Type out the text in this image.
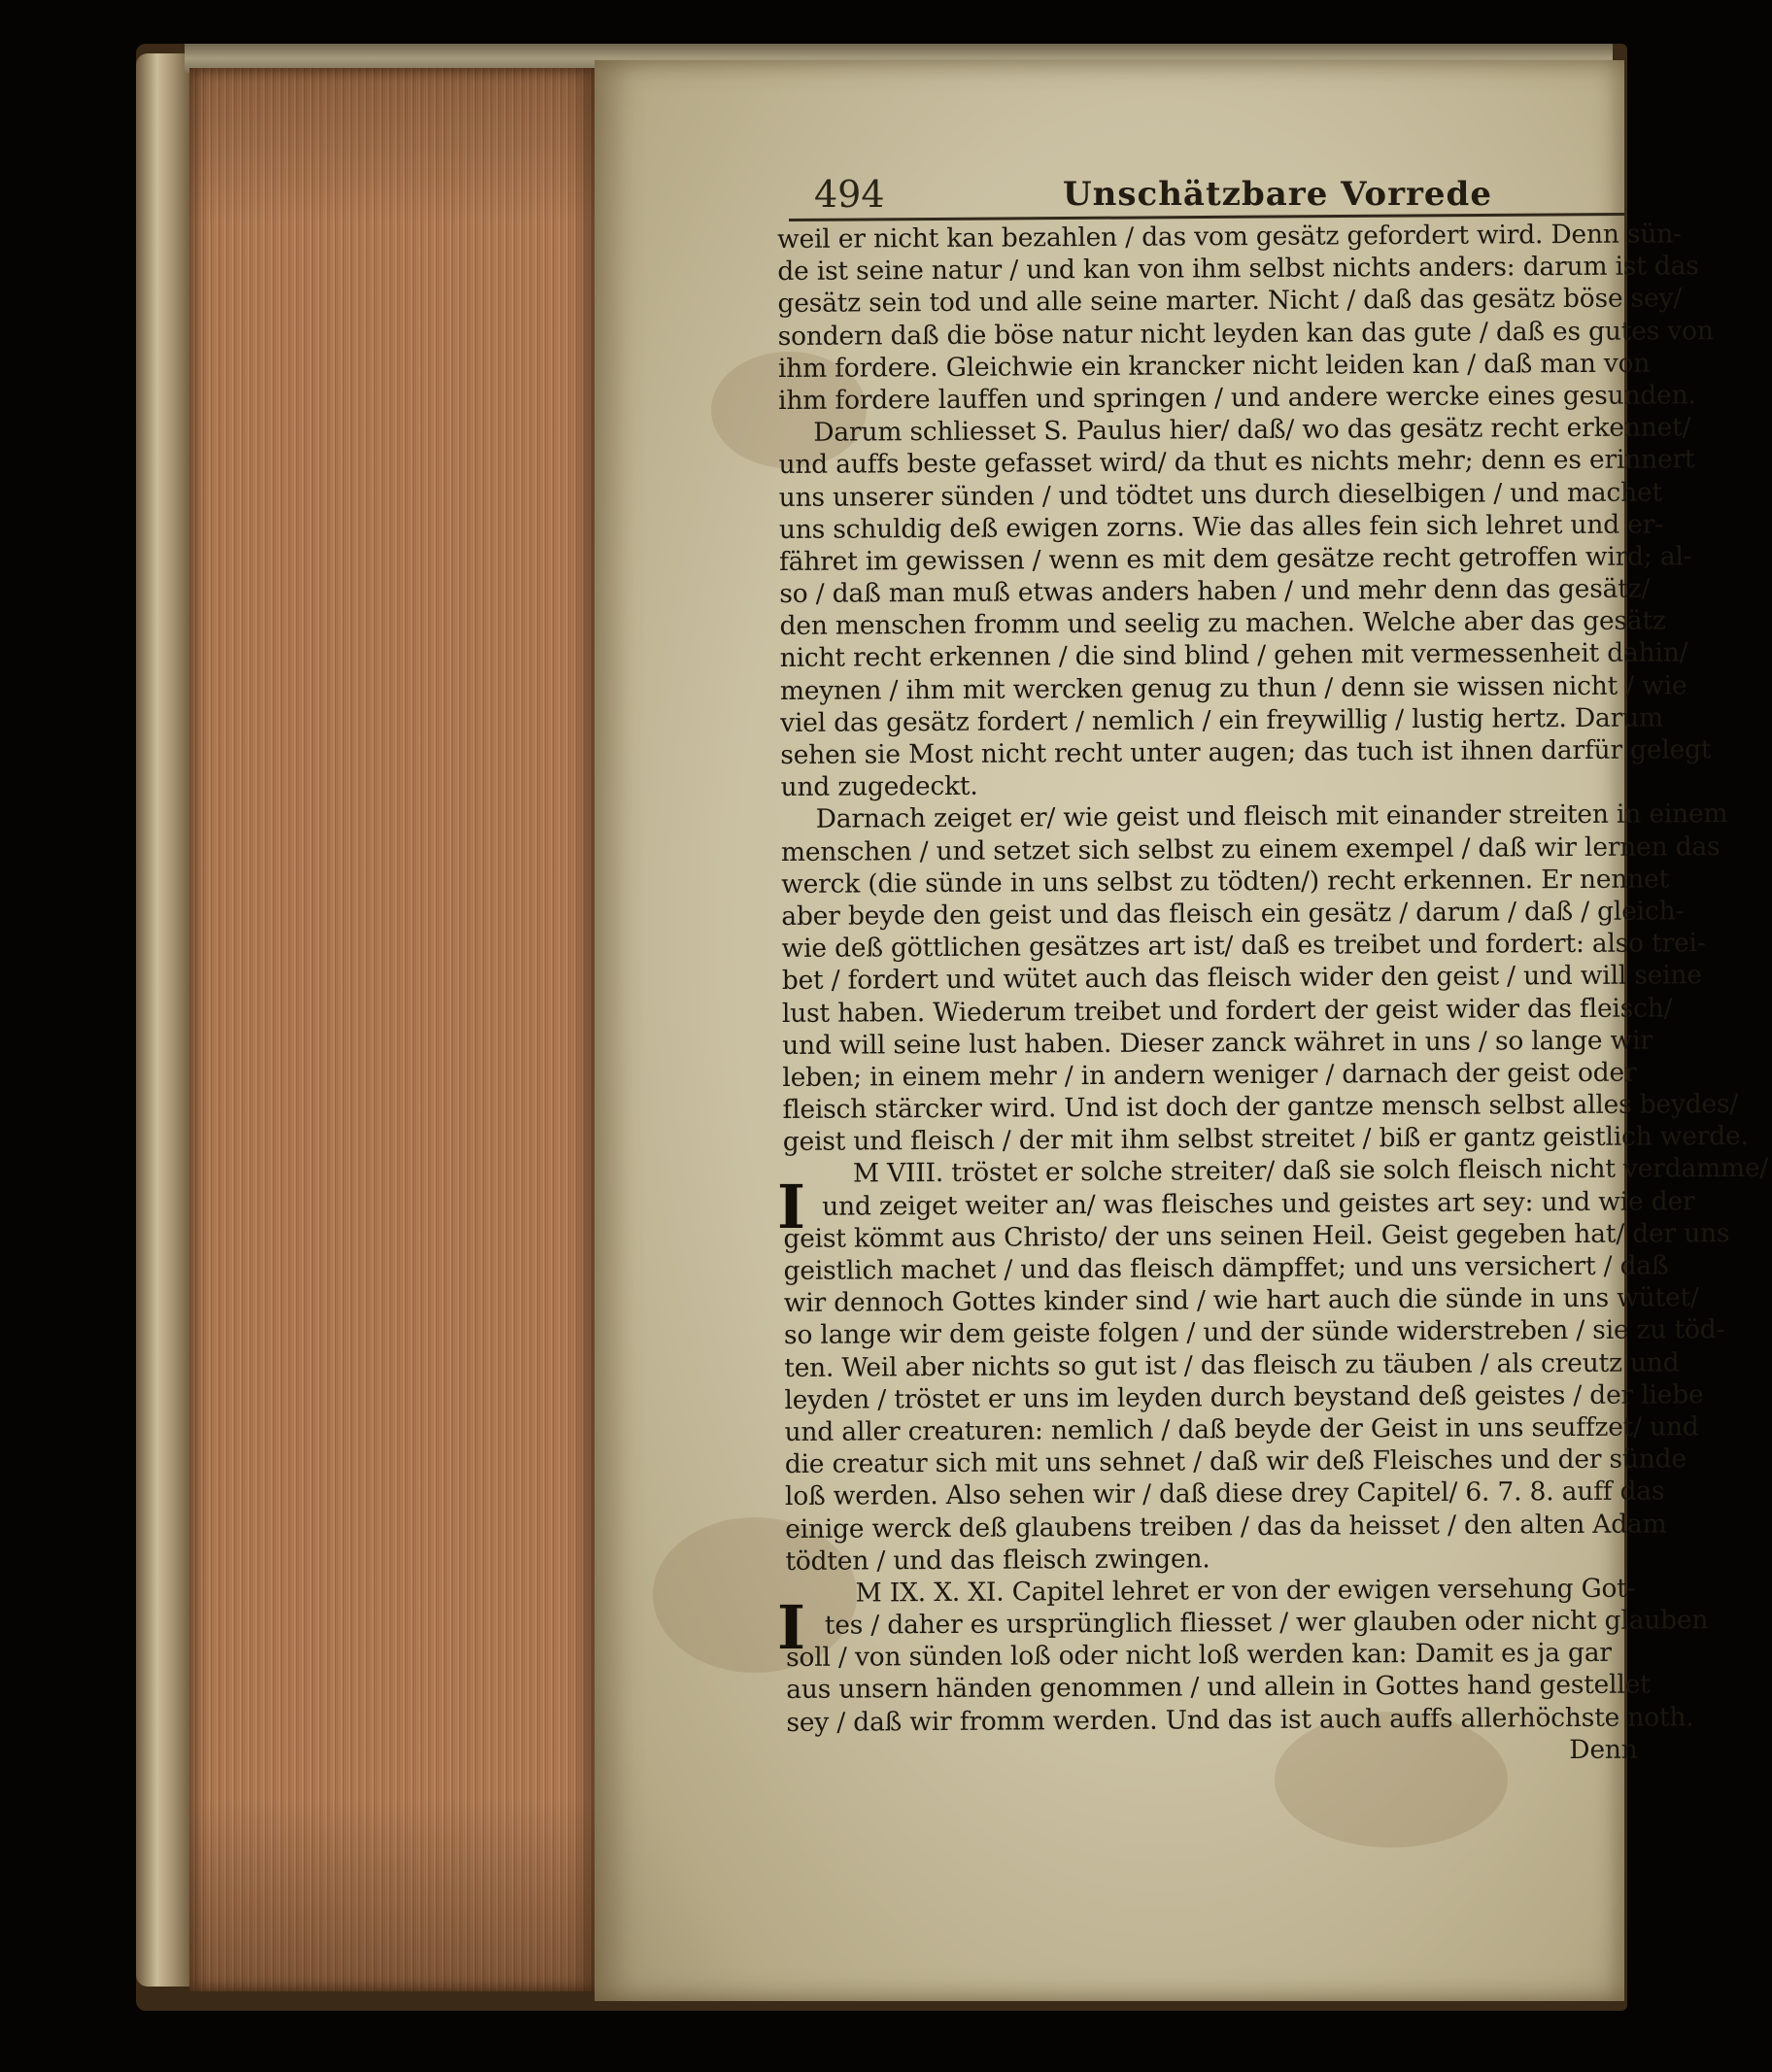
494	Unschätzbare Vorrede
I
I
weil er nicht kan bezahlen / das vom gesätz gefordert wird. Denn sün-
de ist seine natur / und kan von ihm selbst nichts anders: darum ist das
gesätz sein tod und alle seine marter. Nicht / daß das gesätz böse sey/
sondern daß die böse natur nicht leyden kan das gute / daß es gutes von
ihm fordere. Gleichwie ein krancker nicht leiden kan / daß man von
ihm fordere lauffen und springen / und andere wercke eines gesunden.
Darum schliesset S. Paulus hier/ daß/ wo das gesätz recht erkennet/
und auffs beste gefasset wird/ da thut es nichts mehr; denn es erinnert
uns unserer sünden / und tödtet uns durch dieselbigen / und machet
uns schuldig deß ewigen zorns. Wie das alles fein sich lehret und er-
fähret im gewissen / wenn es mit dem gesätze recht getroffen wird; al-
so / daß man muß etwas anders haben / und mehr denn das gesätz/
den menschen fromm und seelig zu machen. Welche aber das gesätz
nicht recht erkennen / die sind blind / gehen mit vermessenheit dahin/
meynen / ihm mit wercken genug zu thun / denn sie wissen nicht / wie
viel das gesätz fordert / nemlich / ein freywillig / lustig hertz. Darum
sehen sie Most nicht recht unter augen; das tuch ist ihnen darfür gelegt
und zugedeckt.
Darnach zeiget er/ wie geist und fleisch mit einander streiten in einem
menschen / und setzet sich selbst zu einem exempel / daß wir lernen das
werck (die sünde in uns selbst zu tödten/) recht erkennen. Er nennet
aber beyde den geist und das fleisch ein gesätz / darum / daß / gleich-
wie deß göttlichen gesätzes art ist/ daß es treibet und fordert: also trei-
bet / fordert und wütet auch das fleisch wider den geist / und will seine
lust haben. Wiederum treibet und fordert der geist wider das fleisch/
und will seine lust haben. Dieser zanck währet in uns / so lange wir
leben; in einem mehr / in andern weniger / darnach der geist oder
fleisch stärcker wird. Und ist doch der gantze mensch selbst alles beydes/
geist und fleisch / der mit ihm selbst streitet / biß er gantz geistlich werde.
M VIII. tröstet er solche streiter/ daß sie solch fleisch nicht verdamme/
und zeiget weiter an/ was fleisches und geistes art sey: und wie der
geist kömmt aus Christo/ der uns seinen Heil. Geist gegeben hat/ der uns
geistlich machet / und das fleisch dämpffet; und uns versichert / daß
wir dennoch Gottes kinder sind / wie hart auch die sünde in uns wütet/
so lange wir dem geiste folgen / und der sünde widerstreben / sie zu töd-
ten. Weil aber nichts so gut ist / das fleisch zu täuben / als creutz und
leyden / tröstet er uns im leyden durch beystand deß geistes / der liebe
und aller creaturen: nemlich / daß beyde der Geist in uns seuffzet/ und
die creatur sich mit uns sehnet / daß wir deß Fleisches und der sünde
loß werden. Also sehen wir / daß diese drey Capitel/ 6. 7. 8. auff das
einige werck deß glaubens treiben / das da heisset / den alten Adam
tödten / und das fleisch zwingen.
M IX. X. XI. Capitel lehret er von der ewigen versehung Got-
tes / daher es ursprünglich fliesset / wer glauben oder nicht glauben
soll / von sünden loß oder nicht loß werden kan: Damit es ja gar
aus unsern händen genommen / und allein in Gottes hand gestellet
sey / daß wir fromm werden. Und das ist auch auffs allerhöchste noth.
Denn
